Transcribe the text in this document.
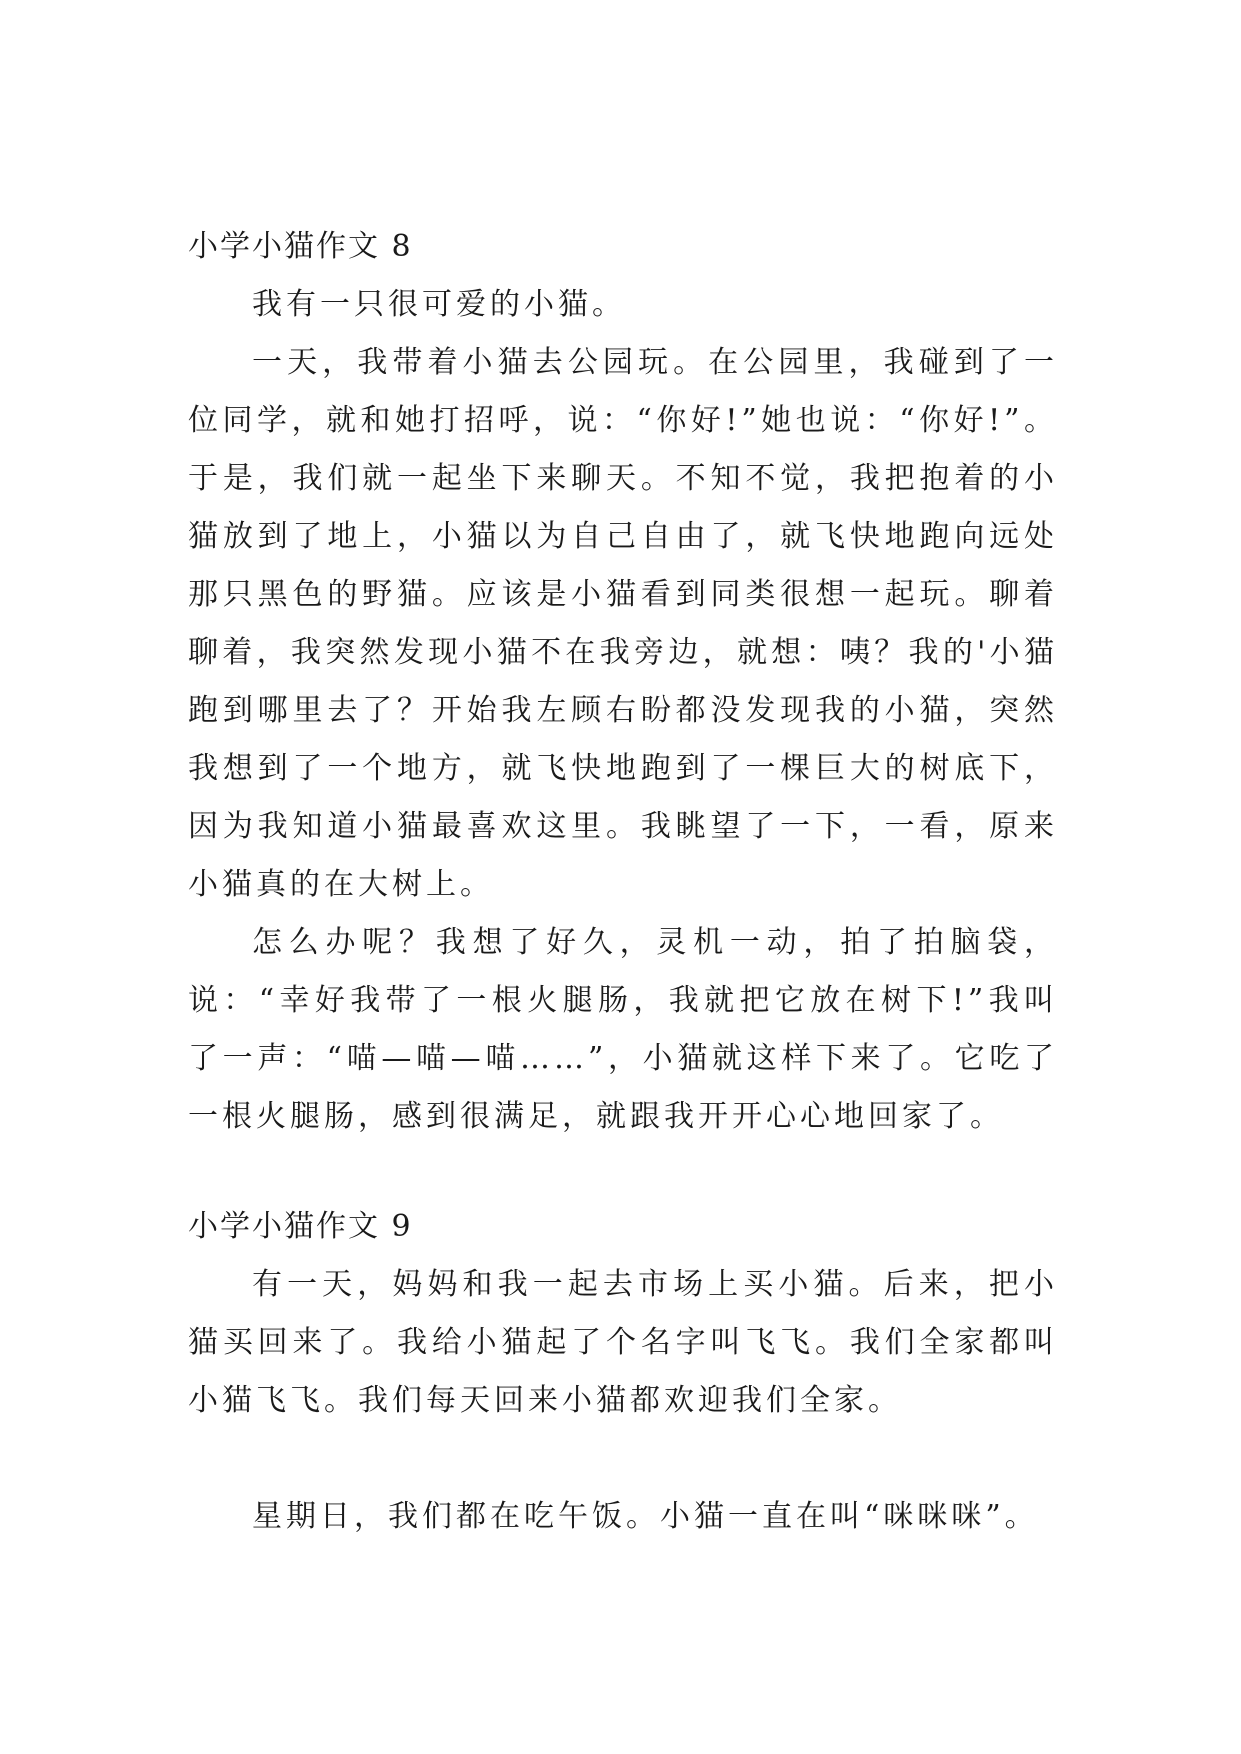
小学小猫作文 8

我有一只很可爱的小猫。

一天，我带着小猫去公园玩。在公园里，我碰到了一位同学，就和她打招呼，说：“你好!”她也说：“你好!”。于是，我们就一起坐下来聊天。不知不觉，我把抱着的小猫放到了地上，小猫以为自己自由了，就飞快地跑向远处那只黑色的野猫。应该是小猫看到同类很想一起玩。聊着聊着，我突然发现小猫不在我旁边，就想：咦？我的'小猫跑到哪里去了？开始我左顾右盼都没发现我的小猫，突然我想到了一个地方，就飞快地跑到了一棵巨大的树底下，因为我知道小猫最喜欢这里。我眺望了一下，一看，原来小猫真的在大树上。

怎么办呢？我想了好久，灵机一动，拍了拍脑袋，说：“幸好我带了一根火腿肠，我就把它放在树下!”我叫了一声：“喵—喵—喵……”，小猫就这样下来了。它吃了一根火腿肠，感到很满足，就跟我开开心心地回家了。

小学小猫作文 9

有一天，妈妈和我一起去市场上买小猫。后来，把小猫买回来了。我给小猫起了个名字叫飞飞。我们全家都叫小猫飞飞。我们每天回来小猫都欢迎我们全家。

星期日，我们都在吃午饭。小猫一直在叫“咪咪咪”。
